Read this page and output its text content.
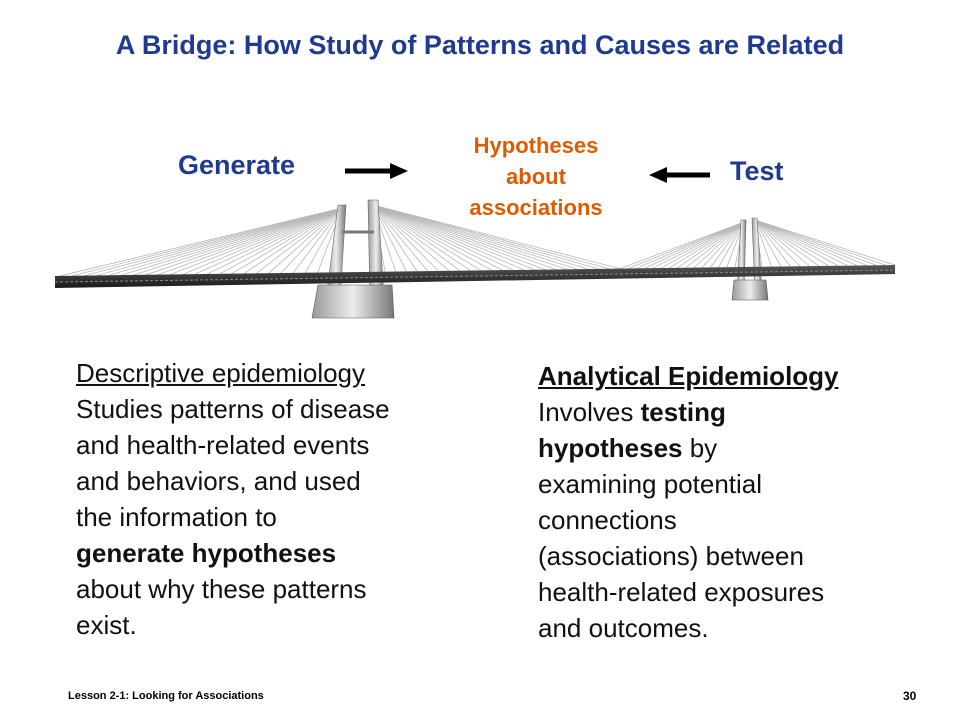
A Bridge: How Study of Patterns and Causes are Related
Generate
Hypotheses
about
associations
Test
Descriptive epidemiology
Studies patterns of disease
and health-related events
and behaviors, and used
the information to
generate hypotheses
about why these patterns
exist.
Analytical Epidemiology
Involves testing
hypotheses by
examining potential
connections
(associations) between
health-related exposures
and outcomes.
Lesson 2-1: Looking for Associations	30
